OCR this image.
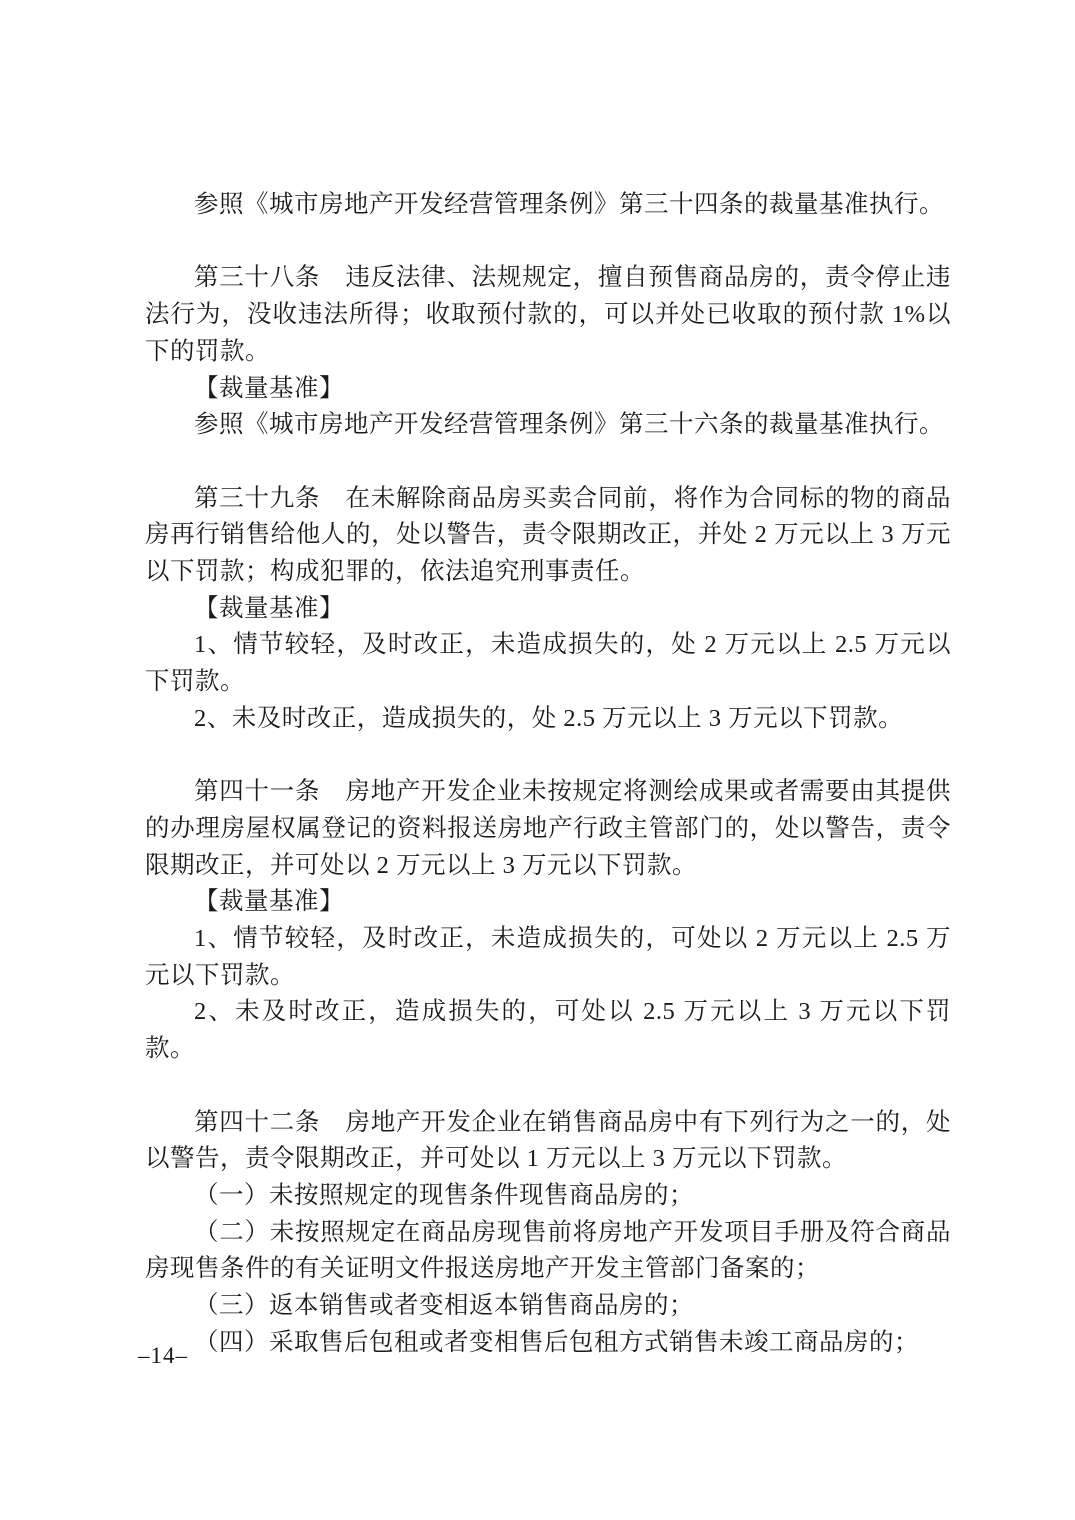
参照《城市房地产开发经营管理条例》第三十四条的裁量基准执行。

第三十八条　违反法律、法规规定，擅自预售商品房的，责令停止违法行为，没收违法所得；收取预付款的，可以并处已收取的预付款 1%以下的罚款。

【裁量基准】

参照《城市房地产开发经营管理条例》第三十六条的裁量基准执行。

第三十九条　在未解除商品房买卖合同前，将作为合同标的物的商品房再行销售给他人的，处以警告，责令限期改正，并处 2 万元以上 3 万元以下罚款；构成犯罪的，依法追究刑事责任。

【裁量基准】

1、情节较轻，及时改正，未造成损失的，处 2 万元以上 2.5 万元以下罚款。

2、未及时改正，造成损失的，处 2.5 万元以上 3 万元以下罚款。

第四十一条　房地产开发企业未按规定将测绘成果或者需要由其提供的办理房屋权属登记的资料报送房地产行政主管部门的，处以警告，责令限期改正，并可处以 2 万元以上 3 万元以下罚款。

【裁量基准】

1、情节较轻，及时改正，未造成损失的，可处以 2 万元以上 2.5 万元以下罚款。

2、未及时改正，造成损失的，可处以 2.5 万元以上 3 万元以下罚款。

第四十二条　房地产开发企业在销售商品房中有下列行为之一的，处以警告，责令限期改正，并可处以 1 万元以上 3 万元以下罚款。

（一）未按照规定的现售条件现售商品房的；

（二）未按照规定在商品房现售前将房地产开发项目手册及符合商品房现售条件的有关证明文件报送房地产开发主管部门备案的；

（三）返本销售或者变相返本销售商品房的；

（四）采取售后包租或者变相售后包租方式销售未竣工商品房的；

–14–
